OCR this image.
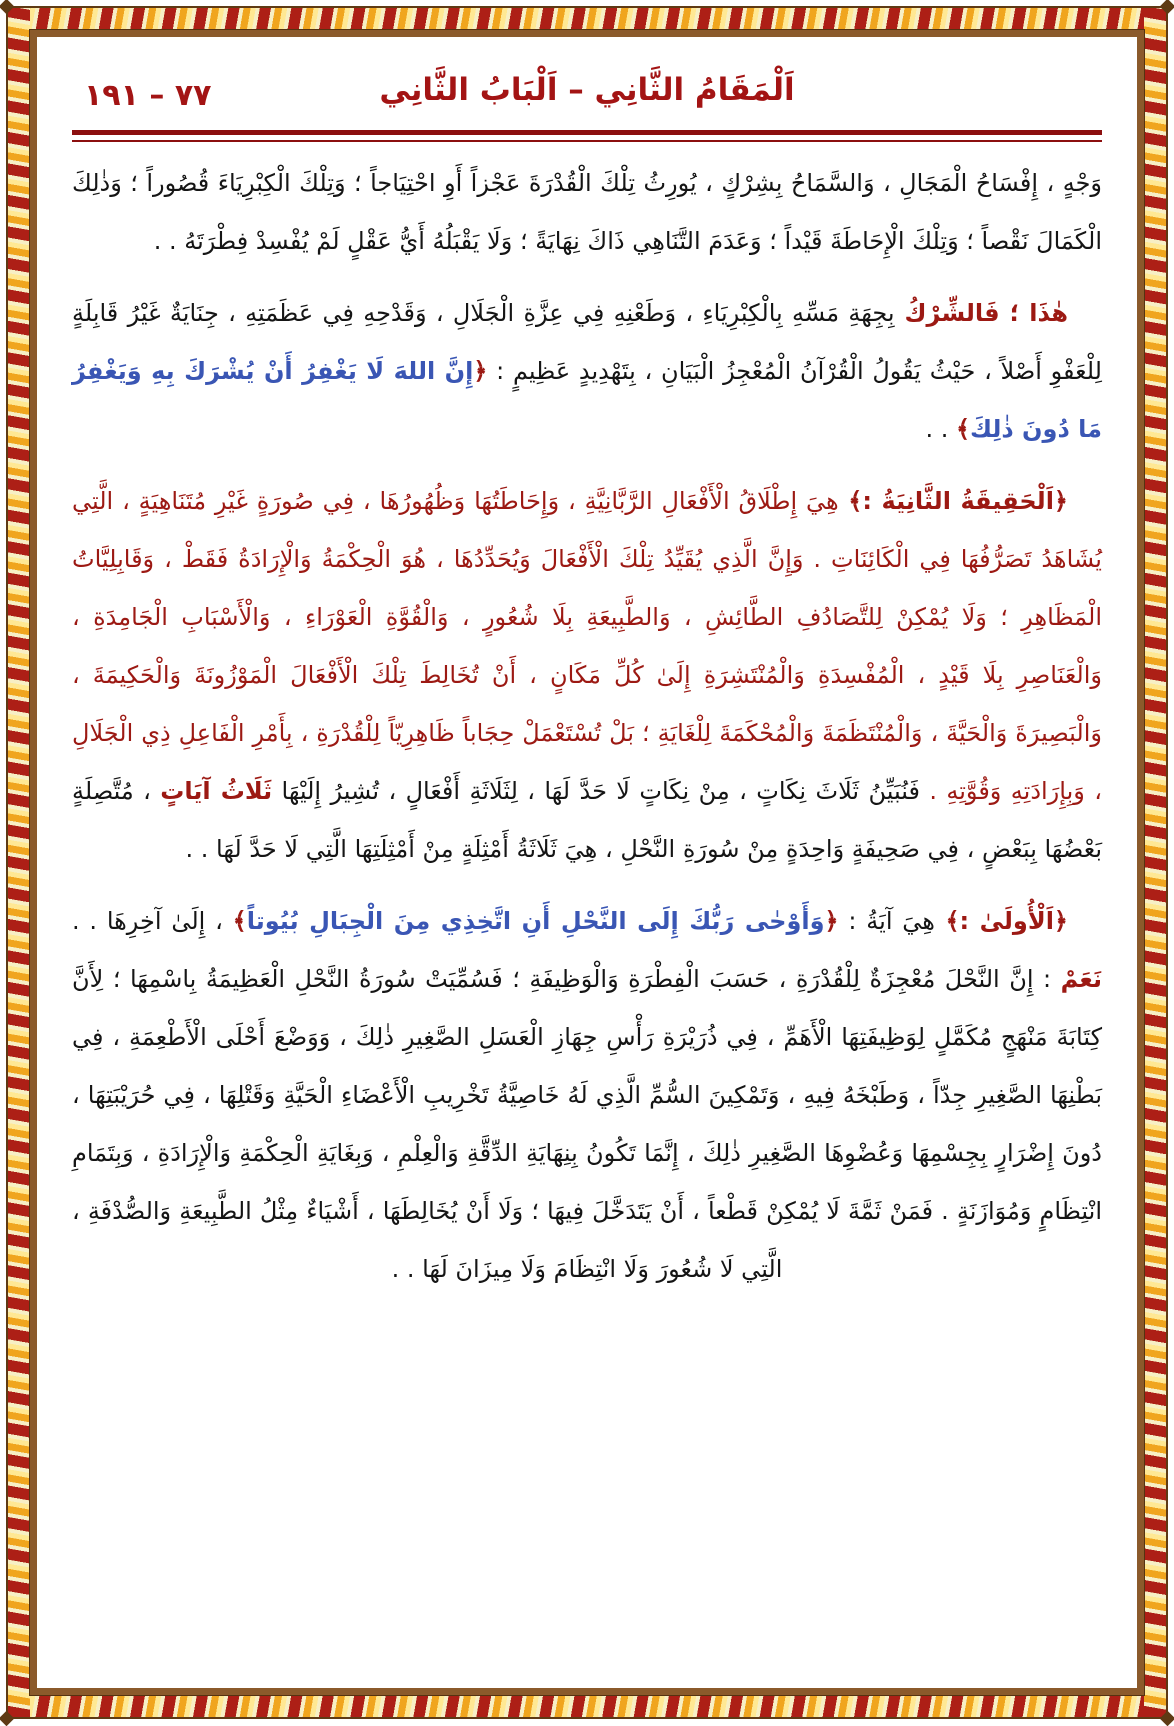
٧٧ – ١٩١	اَلْمَقَامُ الثَّانِي – اَلْبَابُ الثَّانِي

وَجْهٍ ، إِفْسَاحُ الْمَجَالِ ، وَالسَّمَاحُ بِشِرْكٍ ، يُورِثُ تِلْكَ الْقُدْرَةَ عَجْزاً أَوِ احْتِيَاجاً ؛ وَتِلْكَ الْكِبْرِيَاءَ قُصُوراً ؛ وَذٰلِكَ الْكَمَالَ نَقْصاً ؛ وَتِلْكَ الْإِحَاطَةَ قَيْداً ؛ وَعَدَمَ التَّنَاهِي ذَاكَ نِهَايَةً ؛ وَلَا يَقْبَلُهُ أَيُّ عَقْلٍ لَمْ يُفْسِدْ فِطْرَتَهُ . .

هٰذَا ؛ فَالشِّرْكُ بِجِهَةِ مَسِّهِ بِالْكِبْرِيَاءِ ، وَطَعْنِهِ فِي عِزَّةِ الْجَلَالِ ، وَقَدْحِهِ فِي عَظَمَتِهِ ، جِنَايَةٌ غَيْرُ قَابِلَةٍ لِلْعَفْوِ أَصْلاً ، حَيْثُ يَقُولُ الْقُرْآنُ الْمُعْجِزُ الْبَيَانِ ، بِتَهْدِيدٍ عَظِيمٍ : ﴿إِنَّ اللهَ لَا يَغْفِرُ أَنْ يُشْرَكَ بِهِ وَيَغْفِرُ مَا دُونَ ذٰلِكَ﴾ . .

﴿اَلْحَقِيقَةُ الثَّانِيَةُ :﴾ هِيَ إِطْلَاقُ الْأَفْعَالِ الرَّبَّانِيَّةِ ، وَإِحَاطَتُهَا وَظُهُورُهَا ، فِي صُورَةٍ غَيْرِ مُتَنَاهِيَةٍ ، الَّتِي يُشَاهَدُ تَصَرُّفُهَا فِي الْكَائِنَاتِ . وَإِنَّ الَّذِي يُقَيِّدُ تِلْكَ الْأَفْعَالَ وَيُحَدِّدُهَا ، هُوَ الْحِكْمَةُ وَالْإِرَادَةُ فَقَطْ ، وَقَابِلِيَّاتُ الْمَظَاهِرِ ؛ وَلَا يُمْكِنْ لِلتَّصَادُفِ الطَّائِشِ ، وَالطَّبِيعَةِ بِلَا شُعُورٍ ، وَالْقُوَّةِ الْعَوْرَاءِ ، وَالْأَسْبَابِ الْجَامِدَةِ ، وَالْعَنَاصِرِ بِلَا قَيْدٍ ، الْمُفْسِدَةِ وَالْمُنْتَشِرَةِ إِلَىٰ كُلِّ مَكَانٍ ، أَنْ تُخَالِطَ تِلْكَ الْأَفْعَالَ الْمَوْزُونَةَ وَالْحَكِيمَةَ ، وَالْبَصِيرَةَ وَالْحَيَّةَ ، وَالْمُنْتَظَمَةَ وَالْمُحْكَمَةَ لِلْغَايَةِ ؛ بَلْ تُسْتَعْمَلْ حِجَاباً ظَاهِرِيّاً لِلْقُدْرَةِ ، بِأَمْرِ الْفَاعِلِ ذِي الْجَلَالِ ، وَبِإِرَادَتِهِ وَقُوَّتِهِ . فَنُبَيِّنُ ثَلَاثَ نِكَاتٍ ، مِنْ نِكَاتٍ لَا حَدَّ لَهَا ، لِثَلَاثَةِ أَفْعَالٍ ، تُشِيرُ إِلَيْهَا ثَلَاثُ آيَاتٍ ، مُتَّصِلَةٍ بَعْضُهَا بِبَعْضٍ ، فِي صَحِيفَةٍ وَاحِدَةٍ مِنْ سُورَةِ النَّحْلِ ، هِيَ ثَلَاثَةُ أَمْثِلَةٍ مِنْ أَمْثِلَتِهَا الَّتِي لَا حَدَّ لَهَا . .

﴿اَلْأُولَىٰ :﴾ هِيَ آيَةُ : ﴿وَأَوْحٰى رَبُّكَ إِلَى النَّحْلِ أَنِ اتَّخِذِي مِنَ الْجِبَالِ بُيُوتاً﴾ ، إِلَىٰ آخِرِهَا . . نَعَمْ : إِنَّ النَّحْلَ مُعْجِزَةٌ لِلْقُدْرَةِ ، حَسَبَ الْفِطْرَةِ وَالْوَظِيفَةِ ؛ فَسُمِّيَتْ سُورَةُ النَّحْلِ الْعَظِيمَةُ بِاسْمِهَا ؛ لِأَنَّ كِتَابَةَ مَنْهَجٍ مُكَمَّلٍ لِوَظِيفَتِهَا الْأَهَمِّ ، فِي ذُرَيْرَةِ رَأْسِ جِهَازِ الْعَسَلِ الصَّغِيرِ ذٰلِكَ ، وَوَضْعَ أَحْلَى الْأَطْعِمَةِ ، فِي بَطْنِهَا الصَّغِيرِ جِدّاً ، وَطَبْخَهُ فِيهِ ، وَتَمْكِينَ السُّمِّ الَّذِي لَهُ خَاصِيَّةُ تَخْرِيبِ الْأَعْضَاءِ الْحَيَّةِ وَقَتْلِهَا ، فِي حُرَيْبَتِهَا ، دُونَ إِضْرَارٍ بِجِسْمِهَا وَعُضْوِهَا الصَّغِيرِ ذٰلِكَ ، إِنَّمَا تَكُونُ بِنِهَايَةِ الدِّقَّةِ وَالْعِلْمِ ، وَبِغَايَةِ الْحِكْمَةِ وَالْإِرَادَةِ ، وَبِتَمَامِ انْتِظَامٍ وَمُوَازَنَةٍ . فَمَنْ ثَمَّةَ لَا يُمْكِنْ قَطْعاً ، أَنْ يَتَدَخَّلَ فِيهَا ؛ وَلَا أَنْ يُخَالِطَهَا ، أَشْيَاءٌ مِثْلُ الطَّبِيعَةِ وَالصُّدْفَةِ ، الَّتِي لَا شُعُورَ وَلَا انْتِظَامَ وَلَا مِيزَانَ لَهَا . .
